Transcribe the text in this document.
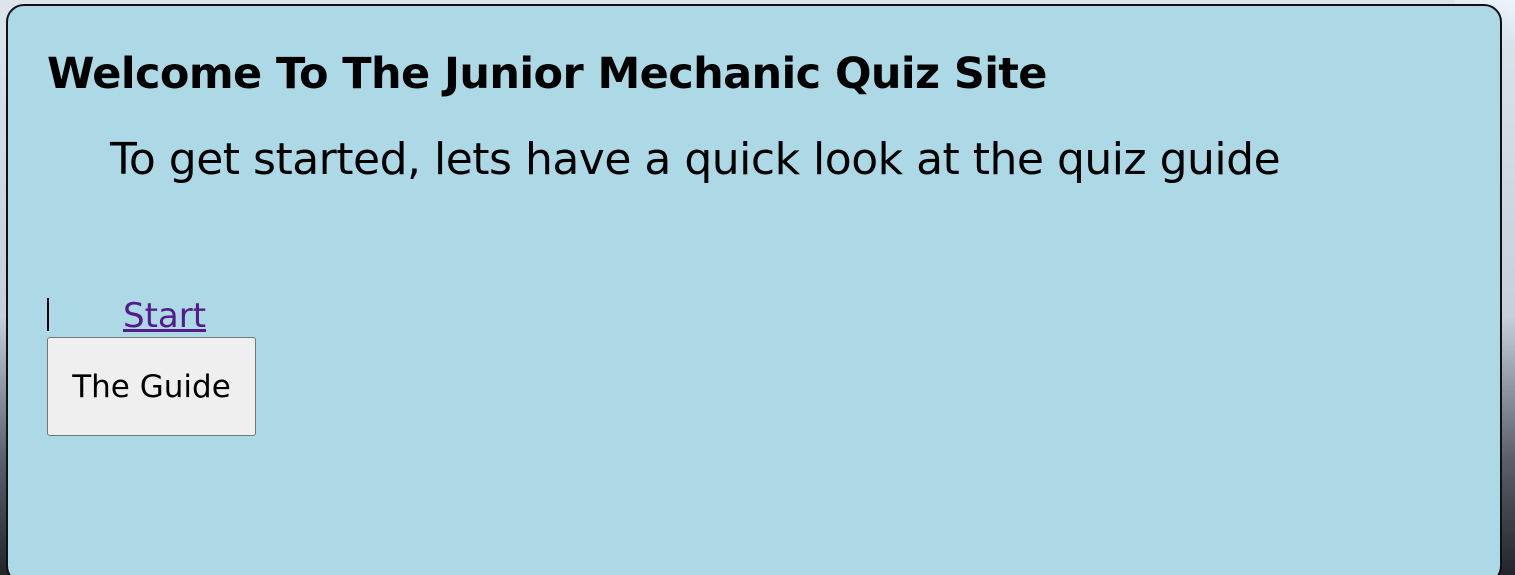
Welcome To The Junior Mechanic Quiz Site

To get started, lets have a quick look at the quiz guide

Start
The Guide
